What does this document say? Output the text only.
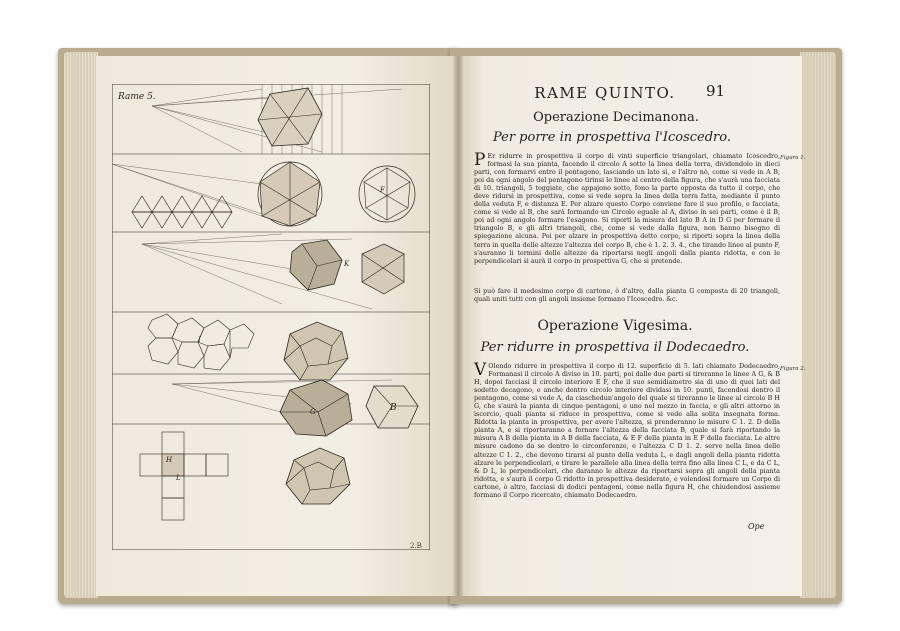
F
G
H
I
K
L
B
Rame 5.
2.B
RAME QUINTO.	91
Operazione Decimanona.
Per porre in prospettiva l'Icoscedro.
P Er ridurre in prospettiva il corpo di vinti superficie triangolari, chiamato Icoscedro, formasi la sua pianta, facendo il circolo A sotto la linea della terra, dividendolo in dieci parti, con formarvi entro il pentagono, lasciando un lato sì, e l'altro nò, come si vede in A B, poi da ogni angolo del pentagono tirinsi le linee al centro della figura, che s'aurà una facciata di 10. triangoli, 5 toggiate, che appajono sotto, fono la parte opposta da tutto il corpo, che deve ridursi in prospettiva, come si vede sopra la linea della terra fatta, mediante il punto della veduta F, e distanza E. Per alzare questo Corpo conviene fare il suo profilo, e facciata, come si vede al B, che sarà formando un Circolo eguale al A, diviso in sei parti, come è il B, poi ad ogni angolo formare l'esagono. Si riporti la misura del lato B A in D G per formare il triangolo B, e gli altri triangoli, che, come si vede dalla figura, non hanno bisogno di spiegazione alcuna. Poi per alzare in prospettiva detto corpo, si riporti sopra la linea della terra in quella delle altezze l'altezza del corpo B, che è 1. 2. 3. 4., che tirando linee al punto F, s'auranno li termini delle altezze da riportarsi negli angoli dalla pianta ridotta, e con le perpendicolari si aurà il corpo in prospettiva G, che si pretende.
Si può fare il medesimo corpo di cartone, ò d'altro, dalla pianta G composta di 20 triangoli, quali uniti tutti con gli angoli insieme formano l'Icoscedro. &c.
Figura 1.
Operazione Vigesima.
Per ridurre in prospettiva il Dodecaedro.
V Olendo ridurre in prospettiva il corpo di 12. superficie di 5. lati chiamato Dodecaedro, Formanasi il circolo A diviso in 10. parti, poi dalle due parti si tireranno le linee A G, & B H, dopoi facciasi il circolo interiore E F, che il suo semidiametro sia di uno di quei lati del sodetto decagono, e anche dentro circolo interiore dividasi in 10. punti, facendosi dentro il pentagono, come si vede A, da ciaschedun'angolo del quale si tireranno le linee al circolo B H G, che s'aurà la pianta di cinque pentagoni, e uno nel mezzo in faccia, e gli altri attorno in iscorcio, quali pianta si riduce in prospettiva, come si vede alla solita insegnata forma. Ridotta la pianta in prospettiva, per avere l'altezza, si prenderanno le misure C 1. 2. D della pianta A, e si riportaranno a fornare l'altezza della facciata B, quale si farà riportando la misura A B della pianta in A B della facciata, & E F della pianta in E F della facciata. Le altre misure cadono da se dentro le circonferenze, e l'altezza C D 1. 2. serve nella linea delle altezze C 1. 2., che devono tirarsi al punto della veduta L, e dagli angoli della pianta ridotta alzare le perpendicolari, e tirare le parallele alla linea della terra fino alla linea C L, e da C L, & D L, le perpendicolari, che daranno le altezze da riportarsi sopra gli angoli della pianta ridotta, e s'aurà il corpo G ridotto in prospettiva desiderato, e volendosi formare un Corpo di cartone, ò altro, facciasi di dodici pentagoni, come nella figura H, che chiudendosi assieme formano il Corpo ricercato, chiamato Dodecaedro.
Figura 2.
Ope
